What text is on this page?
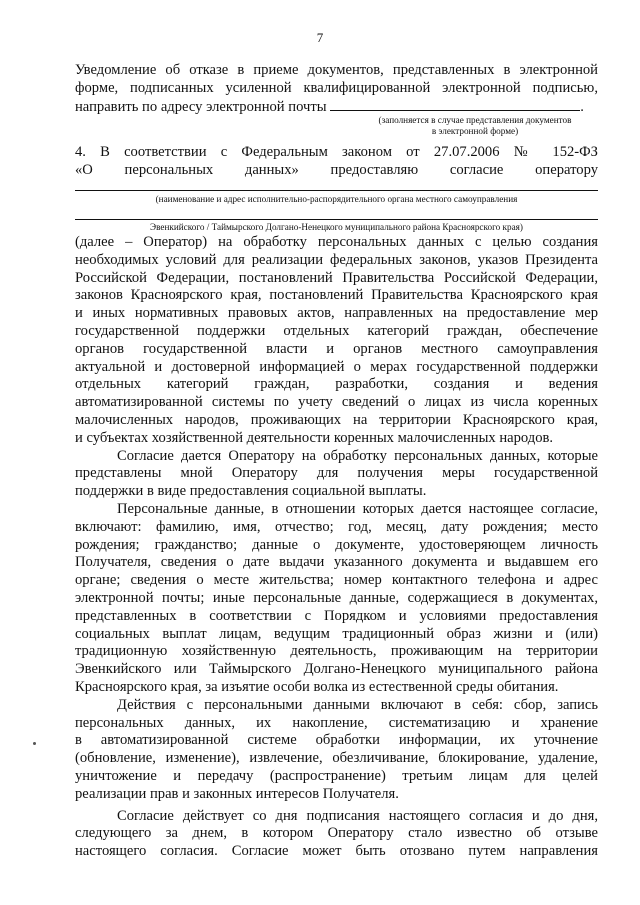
7
Уведомление об отказе в приеме документов, представленных в электронной
форме, подписанных усиленной квалифицированной электронной подписью,
направить по адресу электронной почты	.
(заполняется в случае представления документов
в электронной форме)
4. В соответствии с Федеральным законом от 27.07.2006 № 152-ФЗ
«О персональных данных» предоставляю согласие оператору
(наименование и адрес исполнительно-распорядительного органа местного самоуправления
Эвенкийского / Таймырского Долгано-Ненецкого муниципального района Красноярского края)
(далее – Оператор) на обработку персональных данных с целью создания
необходимых условий для реализации федеральных законов, указов Президента
Российской Федерации, постановлений Правительства Российской Федерации,
законов Красноярского края, постановлений Правительства Красноярского края
и иных нормативных правовых актов, направленных на предоставление мер
государственной поддержки отдельных категорий граждан, обеспечение
органов государственной власти и органов местного самоуправления
актуальной и достоверной информацией о мерах государственной поддержки
отдельных категорий граждан, разработки, создания и ведения
автоматизированной системы по учету сведений о лицах из числа коренных
малочисленных народов, проживающих на территории Красноярского края,
и субъектах хозяйственной деятельности коренных малочисленных народов.
Согласие дается Оператору на обработку персональных данных, которые
представлены мной Оператору для получения меры государственной
поддержки в виде предоставления социальной выплаты.
Персональные данные, в отношении которых дается настоящее согласие,
включают: фамилию, имя, отчество; год, месяц, дату рождения; место
рождения; гражданство; данные о документе, удостоверяющем личность
Получателя, сведения о дате выдачи указанного документа и выдавшем его
органе; сведения о месте жительства; номер контактного телефона и адрес
электронной почты; иные персональные данные, содержащиеся в документах,
представленных в соответствии с Порядком и условиями предоставления
социальных выплат лицам, ведущим традиционный образ жизни и (или)
традиционную хозяйственную деятельность, проживающим на территории
Эвенкийского или Таймырского Долгано-Ненецкого муниципального района
Красноярского края, за изъятие особи волка из естественной среды обитания.
Действия с персональными данными включают в себя: сбор, запись
персональных данных, их накопление, систематизацию и хранение
в автоматизированной системе обработки информации, их уточнение
(обновление, изменение), извлечение, обезличивание, блокирование, удаление,
уничтожение и передачу (распространение) третьим лицам для целей
реализации прав и законных интересов Получателя.
Согласие действует со дня подписания настоящего согласия и до дня,
следующего за днем, в котором Оператору стало известно об отзыве
настоящего согласия. Согласие может быть отозвано путем направления
